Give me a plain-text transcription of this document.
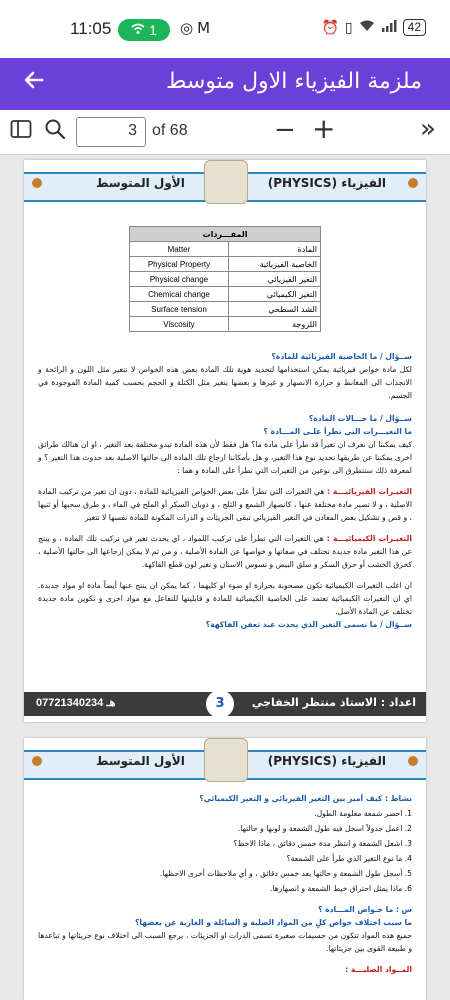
11:05	1 ◎M	⏰ ▯	42
ملزمة الفيزياء الاول متوسط
3 of 68	− +	»
الأول المتوسط	الفيزياء (PHYSICS)
المفـــردات	
Matter	المادة
Physical Property	الخاصية الفيزيائية
Physical change	التغير الفيزيائي
Chemical change	التغير الكيميائي
Surface tension	الشد السطحي
Viscosity	اللزوجة
ســؤال / ما الخاصية الفيزيائية للمادة؟
لكل مادة خواص فيزيائية يمكن استخدامها لتحديد هوية تلك المادة بعض هذه الخواص لا تتغير مثل اللون و الرائحة و الانجذاب الى المغانط و حرارة الانصهار و غيرها و بعضها يتغير مثل الكتلة و الحجم بحسب كمية المادة الموجودة في الجسم.
ســؤال / ما حـــالات المادة؟
ما التغيـــرات التي تطرأ علـى المـــادة ؟
كيف يمكننا ان نعرف ان تغيراً قد طرأ على مادة ما؟ هل فقط لأن هذه المادة تبدو مختلفة بعد التغير ، او ان هنالك طرائق اخرى يمكننا عن طريقها تحديد نوع هذا التغير، و هل بأمكاننا ارجاع تلك المادة الى حالتها الاصلية بعد حدوث هذا التغير ؟ و لمعرفة ذلك سنتطرق الى نوعين من التغيرات التي تطرأ على المادة و هما :
التغيـرات الفيزيائيـــة : هي التغيرات التي تطرأ على بعض الخواص الفيزيائية للمادة ، دون ان تغير من تركيب المادة الاصلية ، و لا تصير مادة مختلفة عنها ، كانصهار الشمع و الثلج ، و ذوبان السكر أو الملح في الماء ، و طرق سحبها أو ثنيها ، و قص و تشكيل بعض المعادن في التغير الفيزيائي تبقى الجزيئات و الذرات المكونة للمادة نفسها لا تتغير
التغيـرات الكيميائيـــة : هي التغيرات التي تطرأ على تركيب اللمواد ، اي يحدث تغير في تركيب تلك المادة ، و ينتج عن هذا التغير مادة جديدة تختلف في صفاتها و خواصها عن المادة الأصلية ، و من ثم لا يمكن إرجاعها الى حالتها الأصلية ، كحرق الخشب أو حرق السكر و سلق البيض و تسوس الاسنان و تغير لون قطع الفاكهة.
ان اغلب التغيرات الكيميائية تكون مصحوبة بحرارة او ضوء او كليهما ، كما يمكن ان ينتج عنها أيضاً مادة او مواد جديدة. اي ان التغيرات الكيميائية تعتمد على الخاصية الكيميائية للمادة و قابليتها للتفاعل مع مواد اخرى و تكوين مادة جديدة تختلف عن المادة الأصل.
ســؤال / ما نسمى التغير الذي يحدث عند تعفن الفاكهة؟
07721340234 هـ	3	اعداد : الاستاذ منتظر الخفاجي
الأول المتوسط	الفيزياء (PHYSICS)
نشاط : كيف أميز بين التغير الفيزيائي و التغير الكيميائي؟
1. احضر شمعة معلومة الطول.
2. اعمل جدولاً اسجل فيه طول الشمعة و لونها و حالتها.
3. اشعل الشمعة و انتظر مدة خمس دقائق ، ماذا الاحظ؟
4. ما نوع التغير الذي طرأ على الشمعة؟
5. أسجل طول الشمعة و حالتها بعد خمس دقائق ، و أي ملاحظات أخرى الاحظها.
6. ماذا يمثل احتراق خيط الشمعة و انصهارها.
س : ما خـواص المـــادة ؟
ما سبب اختلاف خواص كلٍ من المواد الصلبة و السائلة و الغازية عن بعضها؟
جميع هذه المواد تتكون من جسيمات صغيرة تسمى الذرات او الجزيئات ، يرجع السبب الى اختلاف نوع جزيئاتها و تباعدها و طبيعة القوى بين جزيئاتها.
المــواد الصلبـــة :
